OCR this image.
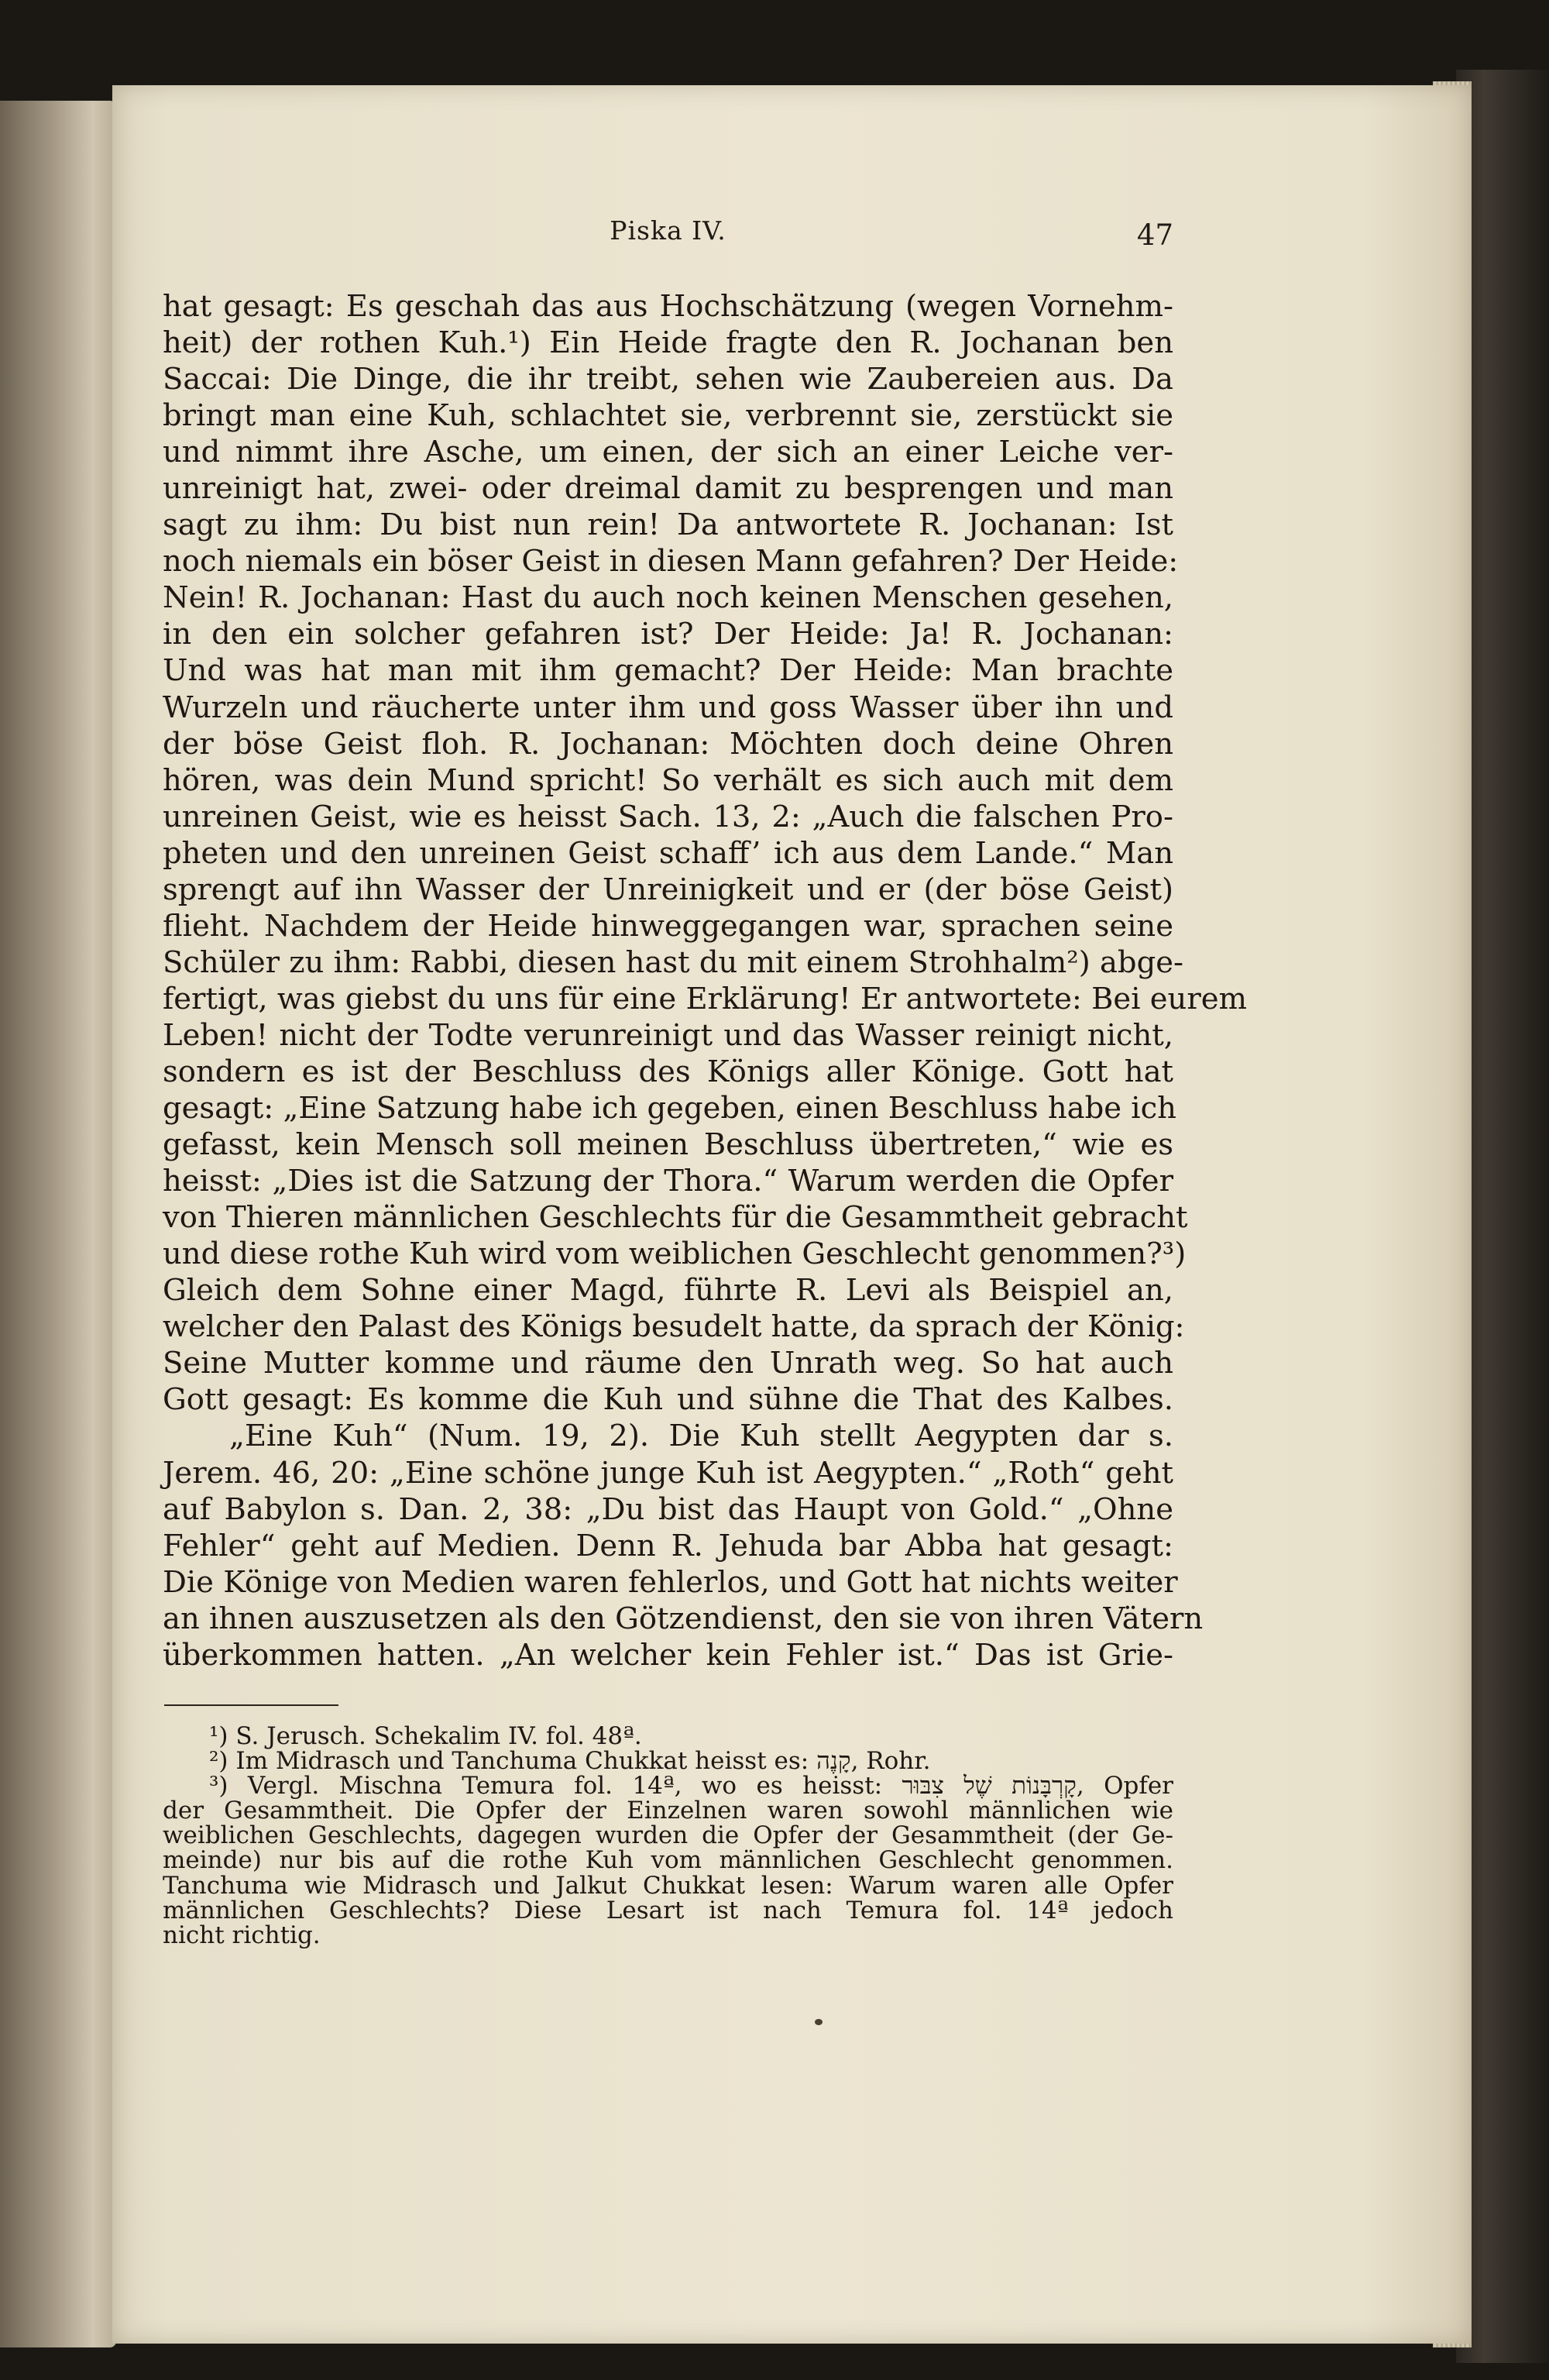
Piska IV.	47
hat gesagt: Es geschah das aus Hochschätzung (wegen Vornehm-
heit) der rothen Kuh.¹) Ein Heide fragte den R. Jochanan ben
Saccai: Die Dinge, die ihr treibt, sehen wie Zaubereien aus. Da
bringt man eine Kuh, schlachtet sie, verbrennt sie, zerstückt sie
und nimmt ihre Asche, um einen, der sich an einer Leiche ver-
unreinigt hat, zwei- oder dreimal damit zu besprengen und man
sagt zu ihm: Du bist nun rein! Da antwortete R. Jochanan: Ist
noch niemals ein böser Geist in diesen Mann gefahren? Der Heide:
Nein! R. Jochanan: Hast du auch noch keinen Menschen gesehen,
in den ein solcher gefahren ist? Der Heide: Ja! R. Jochanan:
Und was hat man mit ihm gemacht? Der Heide: Man brachte
Wurzeln und räucherte unter ihm und goss Wasser über ihn und
der böse Geist floh. R. Jochanan: Möchten doch deine Ohren
hören, was dein Mund spricht! So verhält es sich auch mit dem
unreinen Geist, wie es heisst Sach. 13, 2: „Auch die falschen Pro-
pheten und den unreinen Geist schaff’ ich aus dem Lande.“ Man
sprengt auf ihn Wasser der Unreinigkeit und er (der böse Geist)
flieht. Nachdem der Heide hinweggegangen war, sprachen seine
Schüler zu ihm: Rabbi, diesen hast du mit einem Strohhalm²) abge-
fertigt, was giebst du uns für eine Erklärung! Er antwortete: Bei eurem
Leben! nicht der Todte verunreinigt und das Wasser reinigt nicht,
sondern es ist der Beschluss des Königs aller Könige. Gott hat
gesagt: „Eine Satzung habe ich gegeben, einen Beschluss habe ich
gefasst, kein Mensch soll meinen Beschluss übertreten,“ wie es
heisst: „Dies ist die Satzung der Thora.“ Warum werden die Opfer
von Thieren männlichen Geschlechts für die Gesammtheit gebracht
und diese rothe Kuh wird vom weiblichen Geschlecht genommen?³)
Gleich dem Sohne einer Magd, führte R. Levi als Beispiel an,
welcher den Palast des Königs besudelt hatte, da sprach der König:
Seine Mutter komme und räume den Unrath weg. So hat auch
Gott gesagt: Es komme die Kuh und sühne die That des Kalbes.
„Eine Kuh“ (Num. 19, 2). Die Kuh stellt Aegypten dar s.
Jerem. 46, 20: „Eine schöne junge Kuh ist Aegypten.“ „Roth“ geht
auf Babylon s. Dan. 2, 38: „Du bist das Haupt von Gold.“ „Ohne
Fehler“ geht auf Medien. Denn R. Jehuda bar Abba hat gesagt:
Die Könige von Medien waren fehlerlos, und Gott hat nichts weiter
an ihnen auszusetzen als den Götzendienst, den sie von ihren Vätern
überkommen hatten. „An welcher kein Fehler ist.“ Das ist Grie-
¹) S. Jerusch. Schekalim IV. fol. 48ª.
²) Im Midrasch und Tanchuma Chukkat heisst es: קָנֶה, Rohr.
³) Vergl. Mischna Temura fol. 14ª, wo es heisst: קָרְבָּנוֹת שֶׁל צִבּוּר, Opfer
der Gesammtheit. Die Opfer der Einzelnen waren sowohl männlichen wie
weiblichen Geschlechts, dagegen wurden die Opfer der Gesammtheit (der Ge-
meinde) nur bis auf die rothe Kuh vom männlichen Geschlecht genommen.
Tanchuma wie Midrasch und Jalkut Chukkat lesen: Warum waren alle Opfer
männlichen Geschlechts? Diese Lesart ist nach Temura fol. 14ª jedoch
nicht richtig.
